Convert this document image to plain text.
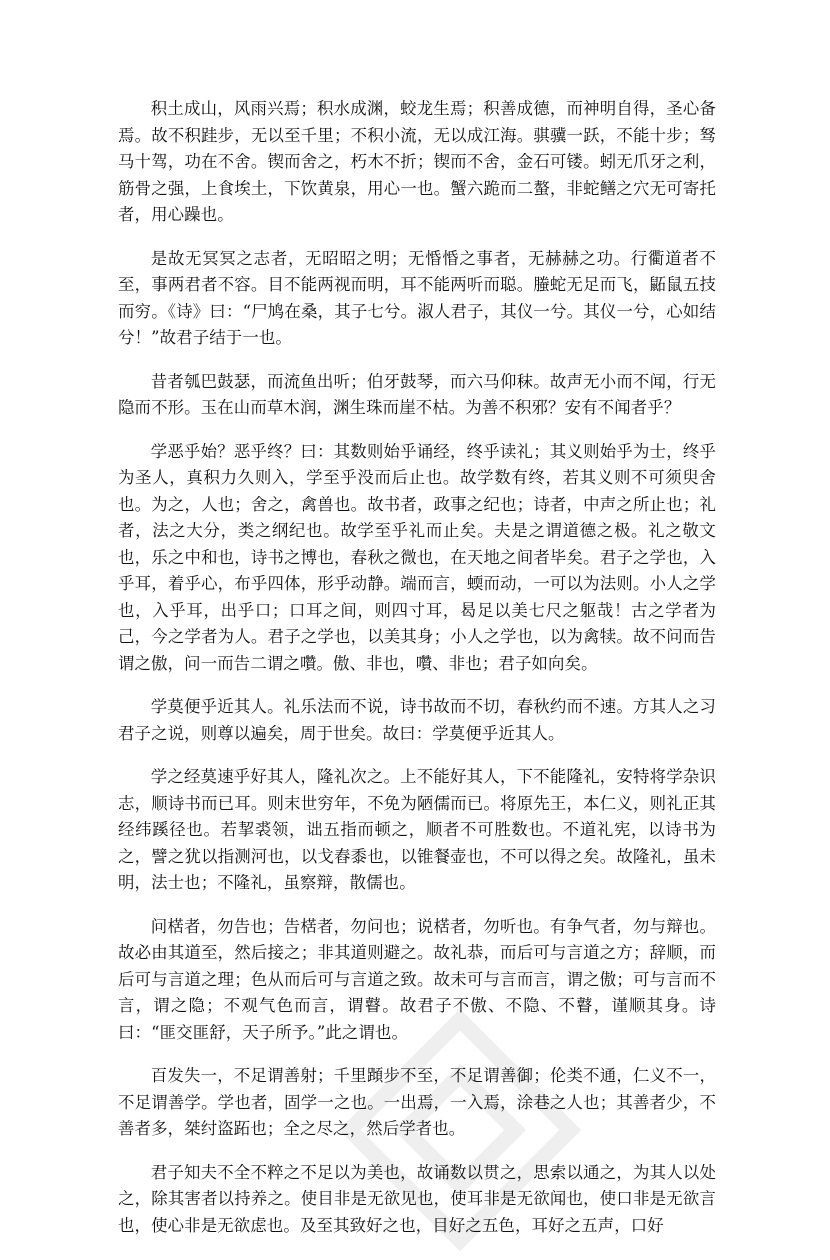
积土成山，风雨兴焉；积水成渊，蛟龙生焉；积善成德，而神明自得，圣心备焉。故不积跬步，无以至千里；不积小流，无以成江海。骐骥一跃，不能十步；驽马十驾，功在不舍。锲而舍之，朽木不折；锲而不舍，金石可镂。蚓无爪牙之利，筋骨之强，上食埃土，下饮黄泉，用心一也。蟹六跪而二螯，非蛇鳝之穴无可寄托者，用心躁也。

是故无冥冥之志者，无昭昭之明；无惛惛之事者，无赫赫之功。行衢道者不至，事两君者不容。目不能两视而明，耳不能两听而聪。螣蛇无足而飞，鼫鼠五技而穷。《诗》曰：“尸鸠在桑，其子七兮。淑人君子，其仪一兮。其仪一兮，心如结兮！”故君子结于一也。

昔者瓠巴鼓瑟，而流鱼出听；伯牙鼓琴，而六马仰秣。故声无小而不闻，行无隐而不形。玉在山而草木润，渊生珠而崖不枯。为善不积邪？安有不闻者乎？

学恶乎始？恶乎终？曰：其数则始乎诵经，终乎读礼；其义则始乎为士，终乎为圣人，真积力久则入，学至乎没而后止也。故学数有终，若其义则不可须臾舍也。为之，人也；舍之，禽兽也。故书者，政事之纪也；诗者，中声之所止也；礼者，法之大分，类之纲纪也。故学至乎礼而止矣。夫是之谓道德之极。礼之敬文也，乐之中和也，诗书之博也，春秋之微也，在天地之间者毕矣。君子之学也，入乎耳，着乎心，布乎四体，形乎动静。端而言，蝡而动，一可以为法则。小人之学也，入乎耳，出乎口；口耳之间，则四寸耳，曷足以美七尺之躯哉！古之学者为己，今之学者为人。君子之学也，以美其身；小人之学也，以为禽犊。故不问而告谓之傲，问一而告二谓之囋。傲、非也，囋、非也；君子如向矣。

学莫便乎近其人。礼乐法而不说，诗书故而不切，春秋约而不速。方其人之习君子之说，则尊以遍矣，周于世矣。故曰：学莫便乎近其人。

学之经莫速乎好其人，隆礼次之。上不能好其人，下不能隆礼，安特将学杂识志，顺诗书而已耳。则末世穷年，不免为陋儒而已。将原先王，本仁义，则礼正其经纬蹊径也。若挈裘领，诎五指而顿之，顺者不可胜数也。不道礼宪，以诗书为之，譬之犹以指测河也，以戈舂黍也，以锥餐壶也，不可以得之矣。故隆礼，虽未明，法士也；不隆礼，虽察辩，散儒也。

问楛者，勿告也；告楛者，勿问也；说楛者，勿听也。有争气者，勿与辩也。故必由其道至，然后接之；非其道则避之。故礼恭，而后可与言道之方；辞顺，而后可与言道之理；色从而后可与言道之致。故未可与言而言，谓之傲；可与言而不言，谓之隐；不观气色而言，谓瞽。故君子不傲、不隐、不瞽，谨顺其身。诗曰：“匪交匪舒，天子所予。”此之谓也。

百发失一，不足谓善射；千里蹞步不至，不足谓善御；伦类不通，仁义不一，不足谓善学。学也者，固学一之也。一出焉，一入焉，涂巷之人也；其善者少，不善者多，桀纣盗跖也；全之尽之，然后学者也。

君子知夫不全不粹之不足以为美也，故诵数以贯之，思索以通之，为其人以处之，除其害者以持养之。使目非是无欲见也，使耳非是无欲闻也，使口非是无欲言也，使心非是无欲虑也。及至其致好之也，目好之五色，耳好之五声，口好
